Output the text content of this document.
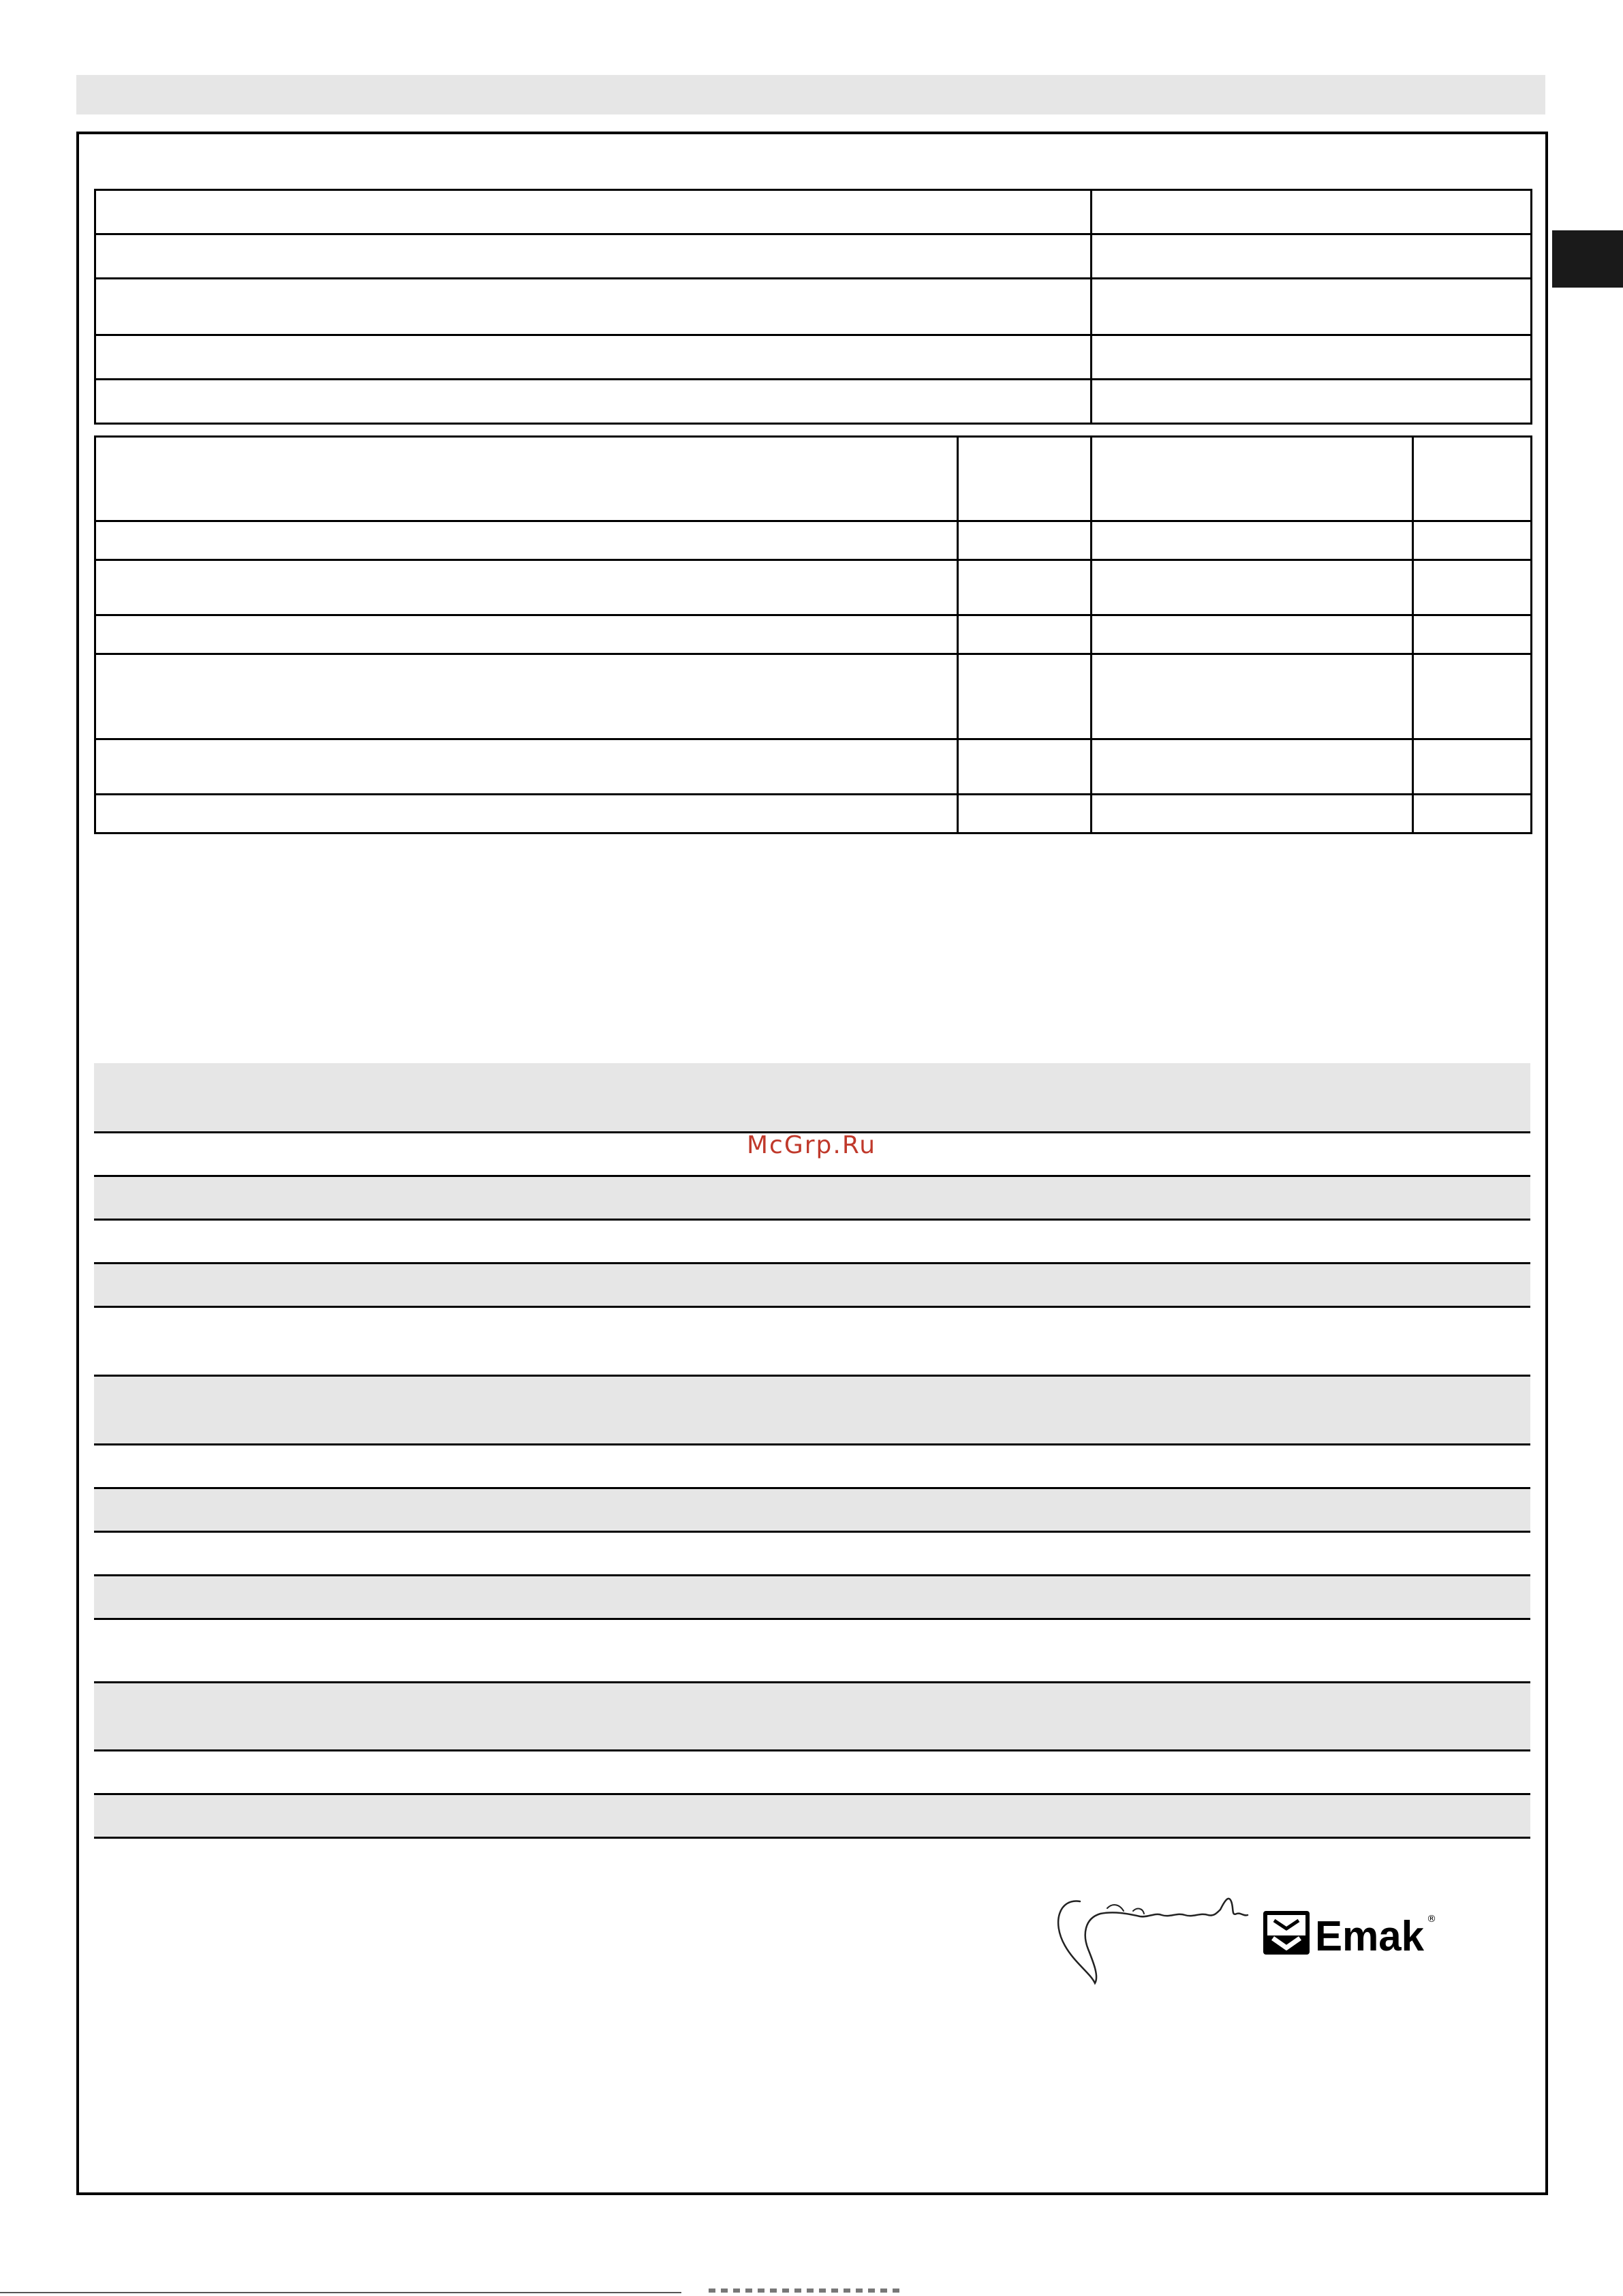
McGrp.Ru
Emak ®
